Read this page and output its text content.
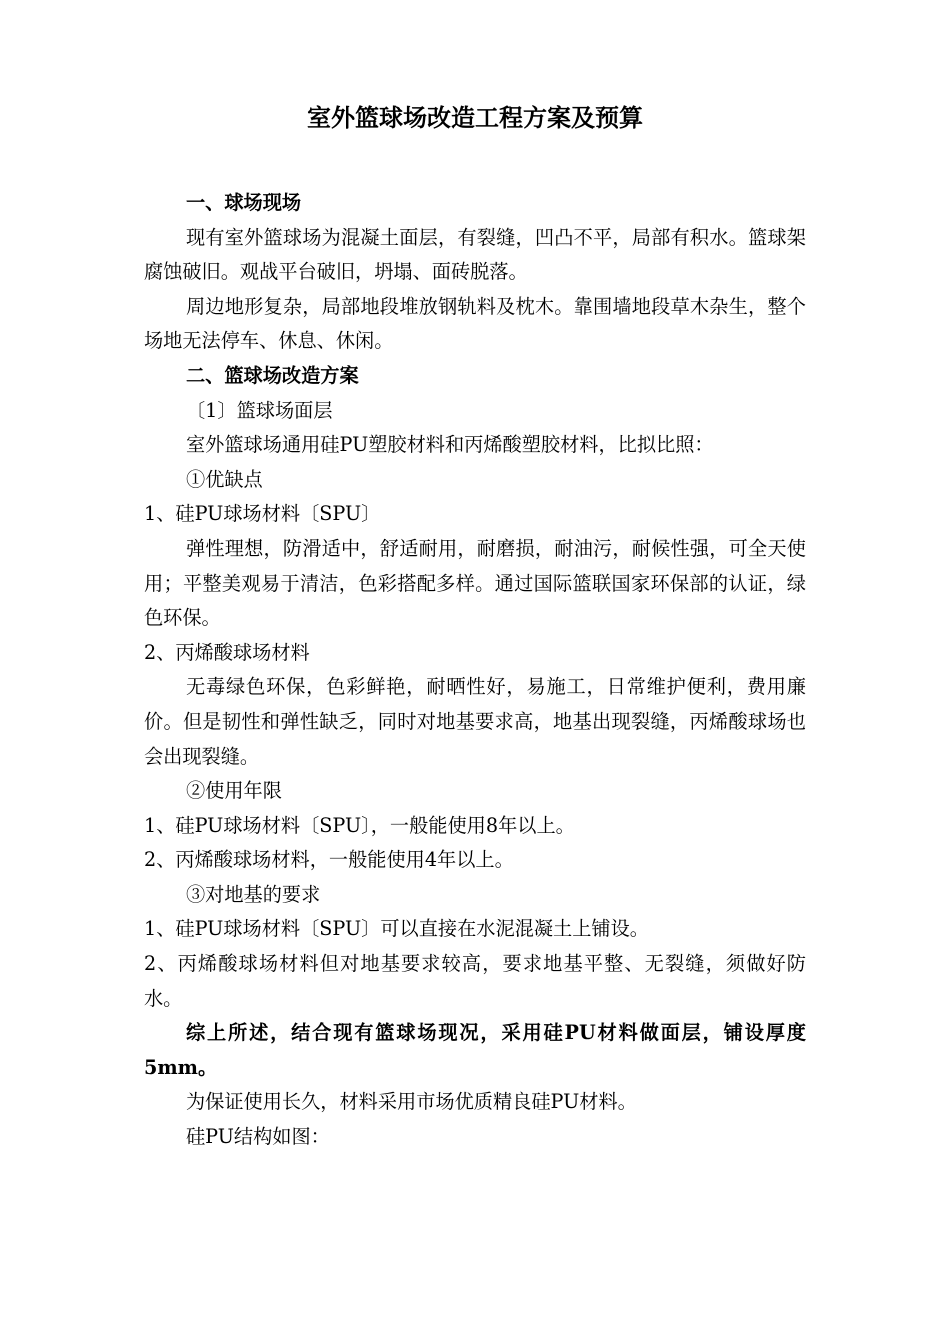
室外篮球场改造工程方案及预算

一、球场现场

现有室外篮球场为混凝土面层，有裂缝，凹凸不平，局部有积水。篮球架腐蚀破旧。观战平台破旧，坍塌、面砖脱落。

周边地形复杂，局部地段堆放钢轨料及枕木。靠围墙地段草木杂生，整个场地无法停车、休息、休闲。

二、篮球场改造方案

〔1〕篮球场面层

室外篮球场通用硅PU塑胶材料和丙烯酸塑胶材料，比拟比照：

①优缺点

1、硅PU球场材料〔SPU〕

弹性理想，防滑适中，舒适耐用，耐磨损，耐油污，耐候性强，可全天使用；平整美观易于清洁，色彩搭配多样。通过国际篮联国家环保部的认证，绿色环保。

2、丙烯酸球场材料

无毒绿色环保，色彩鲜艳，耐晒性好，易施工，日常维护便利，费用廉价。但是韧性和弹性缺乏，同时对地基要求高，地基出现裂缝，丙烯酸球场也会出现裂缝。

②使用年限

1、硅PU球场材料〔SPU〕，一般能使用8年以上。

2、丙烯酸球场材料，一般能使用4年以上。

③对地基的要求

1、硅PU球场材料〔SPU〕可以直接在水泥混凝土上铺设。

2、丙烯酸球场材料但对地基要求较高，要求地基平整、无裂缝，须做好防水。

综上所述，结合现有篮球场现况，采用硅PU材料做面层，铺设厚度5mm。

为保证使用长久，材料采用市场优质精良硅PU材料。

硅PU结构如图：
